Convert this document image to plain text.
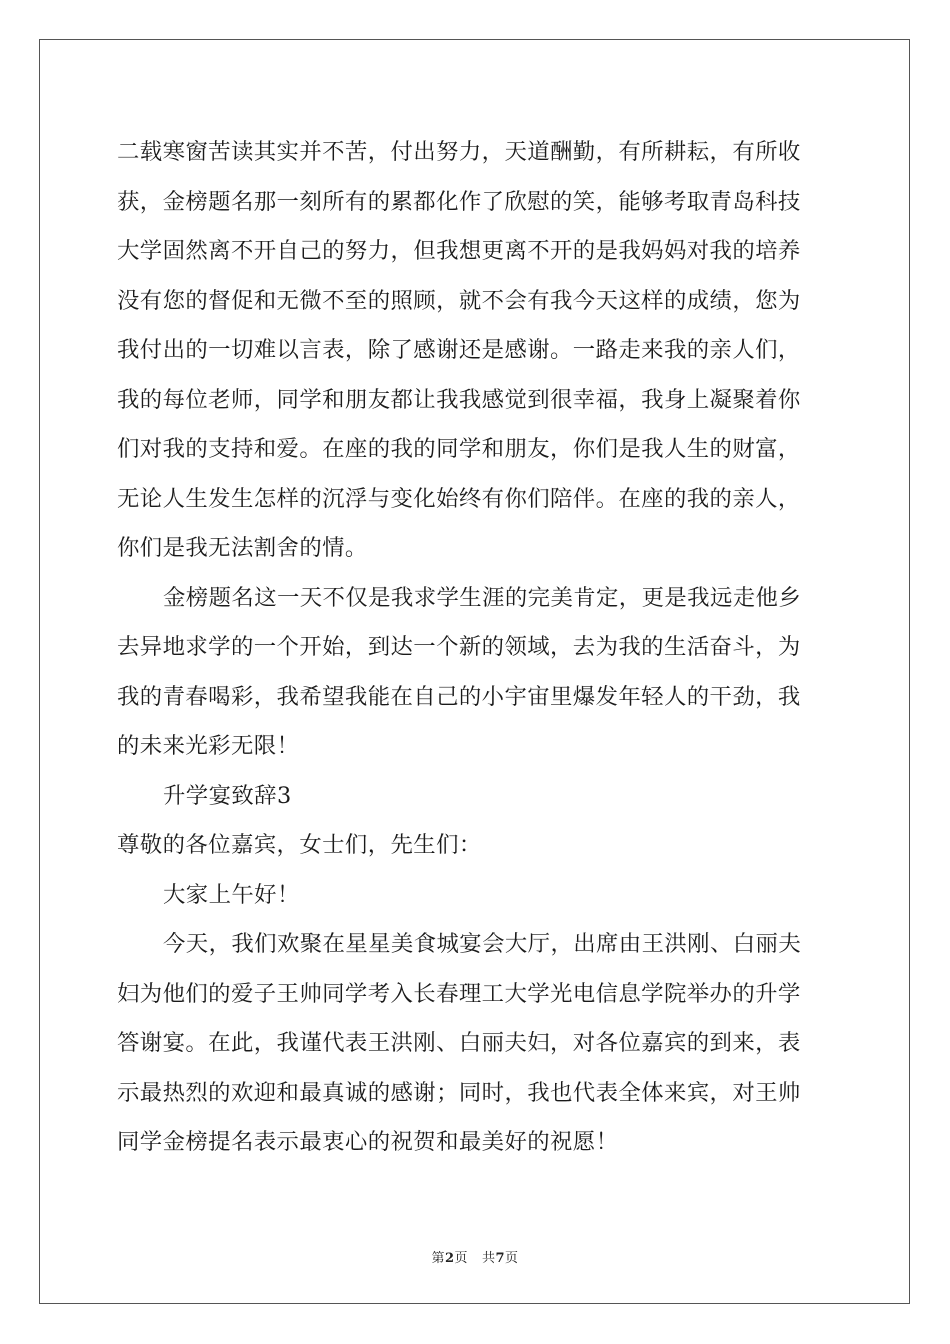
二载寒窗苦读其实并不苦，付出努力，天道酬勤，有所耕耘，有所收
获，金榜题名那一刻所有的累都化作了欣慰的笑，能够考取青岛科技
大学固然离不开自己的努力，但我想更离不开的是我妈妈对我的培养
没有您的督促和无微不至的照顾，就不会有我今天这样的成绩，您为
我付出的一切难以言表，除了感谢还是感谢。一路走来我的亲人们，
我的每位老师，同学和朋友都让我我感觉到很幸福，我身上凝聚着你
们对我的支持和爱。在座的我的同学和朋友，你们是我人生的财富，
无论人生发生怎样的沉浮与变化始终有你们陪伴。在座的我的亲人，
你们是我无法割舍的情。
金榜题名这一天不仅是我求学生涯的完美肯定，更是我远走他乡
去异地求学的一个开始，到达一个新的领域，去为我的生活奋斗，为
我的青春喝彩，我希望我能在自己的小宇宙里爆发年轻人的干劲，我
的未来光彩无限！
升学宴致辞3
尊敬的各位嘉宾，女士们，先生们：
大家上午好！
今天，我们欢聚在星星美食城宴会大厅，出席由王洪刚、白丽夫
妇为他们的爱子王帅同学考入长春理工大学光电信息学院举办的升学
答谢宴。在此，我谨代表王洪刚、白丽夫妇，对各位嘉宾的到来，表
示最热烈的欢迎和最真诚的感谢；同时，我也代表全体来宾，对王帅
同学金榜提名表示最衷心的祝贺和最美好的祝愿！
第2页 共7页
